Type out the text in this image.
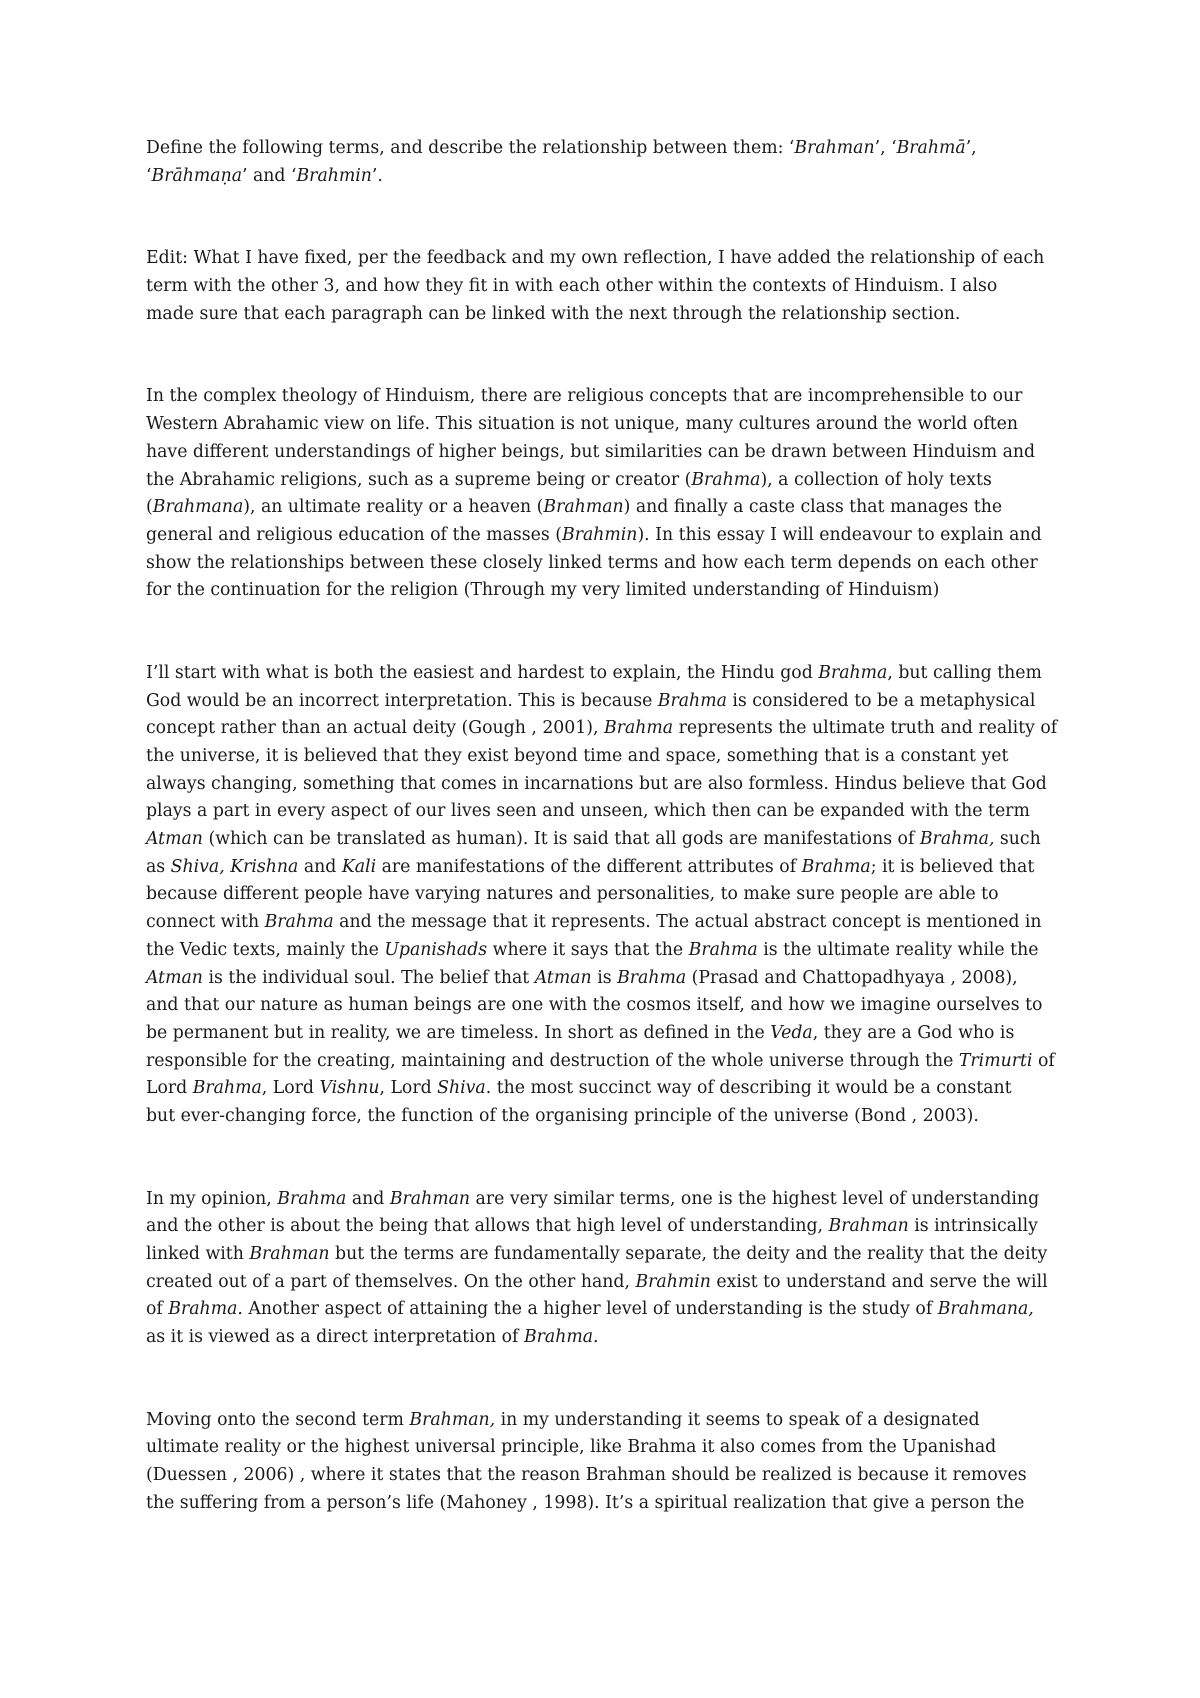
Define the following terms, and describe the relationship between them: ‘Brahman’, ‘Brahmā’,
‘Brāhmaṇa’ and ‘Brahmin’.
Edit: What I have fixed, per the feedback and my own reflection, I have added the relationship of each
term with the other 3, and how they fit in with each other within the contexts of Hinduism. I also
made sure that each paragraph can be linked with the next through the relationship section.
In the complex theology of Hinduism, there are religious concepts that are incomprehensible to our
Western Abrahamic view on life. This situation is not unique, many cultures around the world often
have different understandings of higher beings, but similarities can be drawn between Hinduism and
the Abrahamic religions, such as a supreme being or creator (Brahma), a collection of holy texts
(Brahmana), an ultimate reality or a heaven (Brahman) and finally a caste class that manages the
general and religious education of the masses (Brahmin). In this essay I will endeavour to explain and
show the relationships between these closely linked terms and how each term depends on each other
for the continuation for the religion (Through my very limited understanding of Hinduism)
I’ll start with what is both the easiest and hardest to explain, the Hindu god Brahma, but calling them
God would be an incorrect interpretation. This is because Brahma is considered to be a metaphysical
concept rather than an actual deity (Gough , 2001), Brahma represents the ultimate truth and reality of
the universe, it is believed that they exist beyond time and space, something that is a constant yet
always changing, something that comes in incarnations but are also formless. Hindus believe that God
plays a part in every aspect of our lives seen and unseen, which then can be expanded with the term
Atman (which can be translated as human). It is said that all gods are manifestations of Brahma, such
as Shiva, Krishna and Kali are manifestations of the different attributes of Brahma; it is believed that
because different people have varying natures and personalities, to make sure people are able to
connect with Brahma and the message that it represents. The actual abstract concept is mentioned in
the Vedic texts, mainly the Upanishads where it says that the Brahma is the ultimate reality while the
Atman is the individual soul. The belief that Atman is Brahma (Prasad and Chattopadhyaya , 2008),
and that our nature as human beings are one with the cosmos itself, and how we imagine ourselves to
be permanent but in reality, we are timeless. In short as defined in the Veda, they are a God who is
responsible for the creating, maintaining and destruction of the whole universe through the Trimurti of
Lord Brahma, Lord Vishnu, Lord Shiva. the most succinct way of describing it would be a constant
but ever-changing force, the function of the organising principle of the universe (Bond , 2003).
In my opinion, Brahma and Brahman are very similar terms, one is the highest level of understanding
and the other is about the being that allows that high level of understanding, Brahman is intrinsically
linked with Brahman but the terms are fundamentally separate, the deity and the reality that the deity
created out of a part of themselves. On the other hand, Brahmin exist to understand and serve the will
of Brahma. Another aspect of attaining the a higher level of understanding is the study of Brahmana,
as it is viewed as a direct interpretation of Brahma.
Moving onto the second term Brahman, in my understanding it seems to speak of a designated
ultimate reality or the highest universal principle, like Brahma it also comes from the Upanishad
(Duessen , 2006) , where it states that the reason Brahman should be realized is because it removes
the suffering from a person’s life (Mahoney , 1998). It’s a spiritual realization that give a person the
